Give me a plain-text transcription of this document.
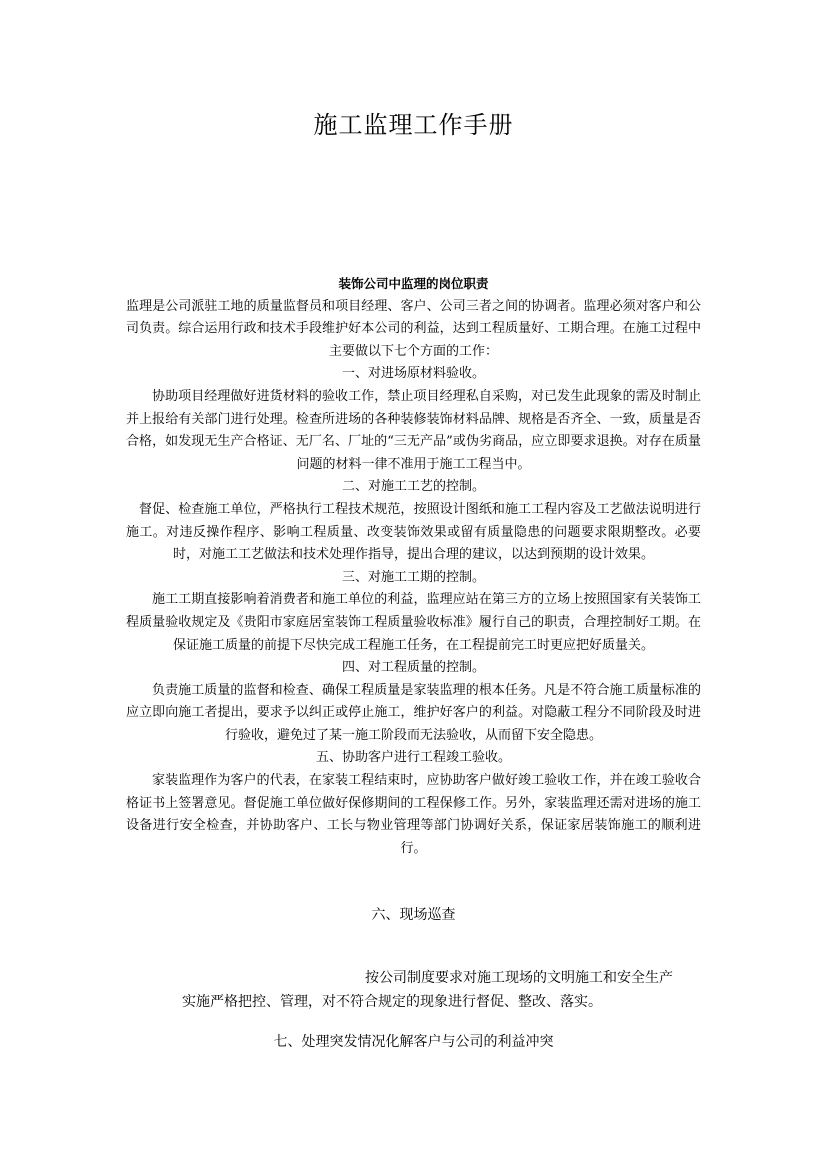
施工监理工作手册

装饰公司中监理的岗位职责

监理是公司派驻工地的质量监督员和项目经理、客户、公司三者之间的协调者。监理必须对客户和公司负责。综合运用行政和技术手段维护好本公司的利益，达到工程质量好、工期合理。在施工过程中主要做以下七个方面的工作：

一、对进场原材料验收。

协助项目经理做好进货材料的验收工作，禁止项目经理私自采购，对已发生此现象的需及时制止并上报给有关部门进行处理。检查所进场的各种装修装饰材料品牌、规格是否齐全、一致，质量是否合格，如发现无生产合格证、无厂名、厂址的“三无产品”或伪劣商品，应立即要求退换。对存在质量问题的材料一律不准用于施工工程当中。

二、对施工工艺的控制。

督促、检查施工单位，严格执行工程技术规范，按照设计图纸和施工工程内容及工艺做法说明进行施工。对违反操作程序、影响工程质量、改变装饰效果或留有质量隐患的问题要求限期整改。必要时，对施工工艺做法和技术处理作指导，提出合理的建议，以达到预期的设计效果。

三、对施工工期的控制。

施工工期直接影响着消费者和施工单位的利益，监理应站在第三方的立场上按照国家有关装饰工程质量验收规定及《贵阳市家庭居室装饰工程质量验收标准》履行自己的职责，合理控制好工期。在保证施工质量的前提下尽快完成工程施工任务，在工程提前完工时更应把好质量关。

四、对工程质量的控制。

负责施工质量的监督和检查、确保工程质量是家装监理的根本任务。凡是不符合施工质量标准的应立即向施工者提出，要求予以纠正或停止施工，维护好客户的利益。对隐蔽工程分不同阶段及时进行验收，避免过了某一施工阶段而无法验收，从而留下安全隐患。

五、协助客户进行工程竣工验收。

家装监理作为客户的代表，在家装工程结束时，应协助客户做好竣工验收工作，并在竣工验收合格证书上签署意见。督促施工单位做好保修期间的工程保修工作。另外，家装监理还需对进场的施工设备进行安全检查，并协助客户、工长与物业管理等部门协调好关系，保证家居装饰施工的顺利进行。

六、现场巡查
按公司制度要求对施工现场的文明施工和安全生产
实施严格把控、管理，对不符合规定的现象进行督促、整改、落实。
七、处理突发情况化解客户与公司的利益冲突
